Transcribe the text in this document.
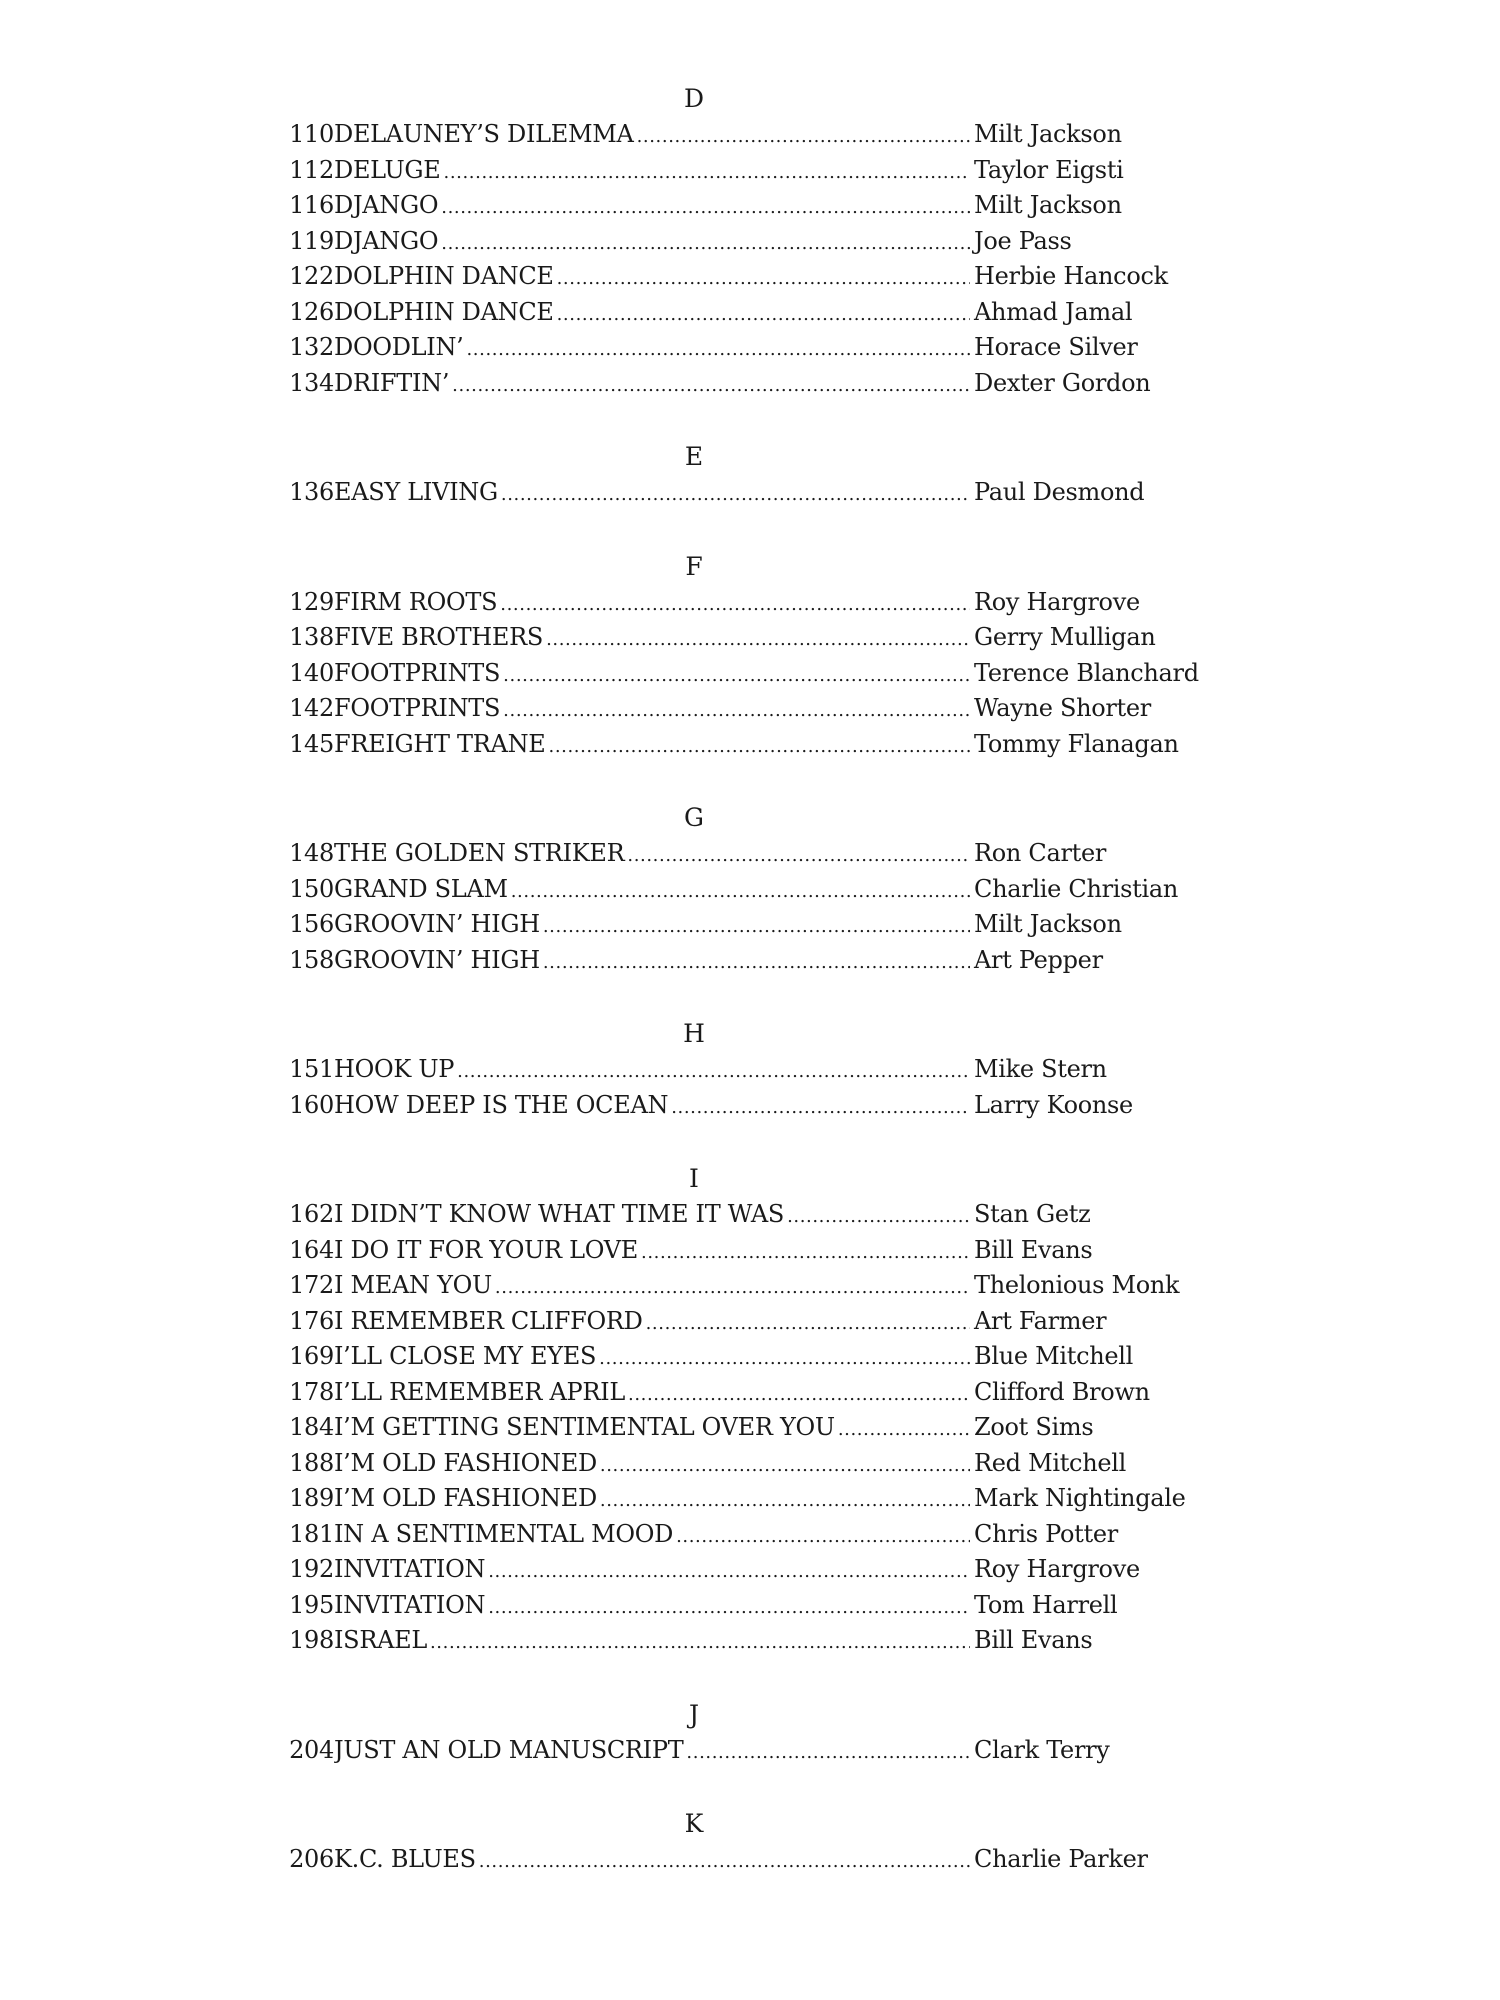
D
110 DELAUNEY’S DILEMMA .....	Milt Jackson
112 DELUGE .....	Taylor Eigsti
116 DJANGO .....	Milt Jackson
119 DJANGO .....	Joe Pass
122 DOLPHIN DANCE .....	Herbie Hancock
126 DOLPHIN DANCE .....	Ahmad Jamal
132 DOODLIN’ .....	Horace Silver
134 DRIFTIN’ .....	Dexter Gordon
E
136 EASY LIVING .....	Paul Desmond
F
129 FIRM ROOTS .....	Roy Hargrove
138 FIVE BROTHERS .....	Gerry Mulligan
140 FOOTPRINTS .....	Terence Blanchard
142 FOOTPRINTS .....	Wayne Shorter
145 FREIGHT TRANE .....	Tommy Flanagan
G
148 THE GOLDEN STRIKER .....	Ron Carter
150 GRAND SLAM .....	Charlie Christian
156 GROOVIN’ HIGH .....	Milt Jackson
158 GROOVIN’ HIGH .....	Art Pepper
H
151 HOOK UP .....	Mike Stern
160 HOW DEEP IS THE OCEAN .....	Larry Koonse
I
162 I DIDN’T KNOW WHAT TIME IT WAS .....	Stan Getz
164 I DO IT FOR YOUR LOVE .....	Bill Evans
172 I MEAN YOU .....	Thelonious Monk
176 I REMEMBER CLIFFORD .....	Art Farmer
169 I’LL CLOSE MY EYES .....	Blue Mitchell
178 I’LL REMEMBER APRIL .....	Clifford Brown
184 I’M GETTING SENTIMENTAL OVER YOU .....	Zoot Sims
188 I’M OLD FASHIONED .....	Red Mitchell
189 I’M OLD FASHIONED .....	Mark Nightingale
181 IN A SENTIMENTAL MOOD .....	Chris Potter
192 INVITATION .....	Roy Hargrove
195 INVITATION .....	Tom Harrell
198 ISRAEL .....	Bill Evans
J
204 JUST AN OLD MANUSCRIPT .....	Clark Terry
K
206 K.C. BLUES .....	Charlie Parker
